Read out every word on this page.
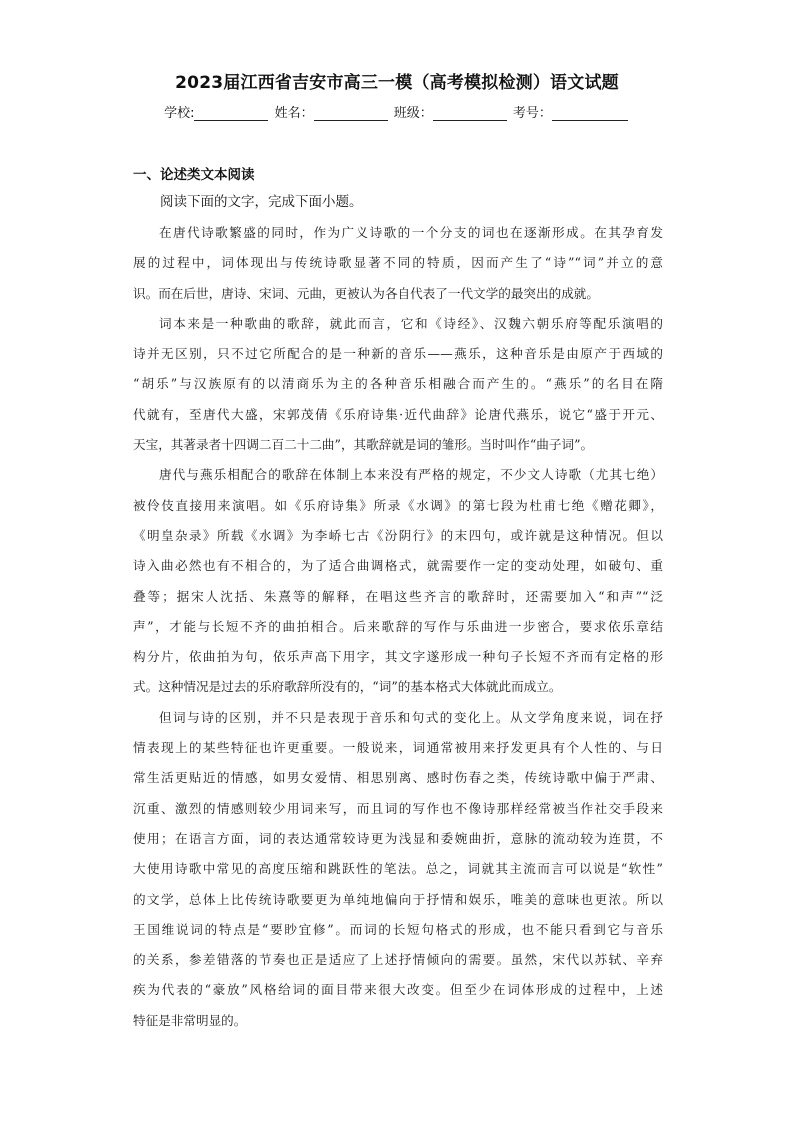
2023届江西省吉安市高三一模（高考模拟检测）语文试题
学校:	姓名：	班级：	考号：
一、论述类文本阅读
阅读下面的文字，完成下面小题。
在唐代诗歌繁盛的同时，作为广义诗歌的一个分支的词也在逐渐形成。在其孕育发
展的过程中，词体现出与传统诗歌显著不同的特质，因而产生了“诗”“词”并立的意
识。而在后世，唐诗、宋词、元曲，更被认为各自代表了一代文学的最突出的成就。
词本来是一种歌曲的歌辞，就此而言，它和《诗经》、汉魏六朝乐府等配乐演唱的
诗并无区别，只不过它所配合的是一种新的音乐——燕乐，这种音乐是由原产于西域的
“胡乐”与汉族原有的以清商乐为主的各种音乐相融合而产生的。“燕乐”的名目在隋
代就有，至唐代大盛，宋郭茂倩《乐府诗集·近代曲辞》论唐代燕乐，说它“盛于开元、
天宝，其著录者十四调二百二十二曲”，其歌辞就是词的雏形。当时叫作“曲子词”。
唐代与燕乐相配合的歌辞在体制上本来没有严格的规定，不少文人诗歌（尤其七绝）
被伶伎直接用来演唱。如《乐府诗集》所录《水调》的第七段为杜甫七绝《赠花卿》，
《明皇杂录》所载《水调》为李峤七古《汾阴行》的末四句，或许就是这种情况。但以
诗入曲必然也有不相合的，为了适合曲调格式，就需要作一定的变动处理，如破句、重
叠等；据宋人沈括、朱熹等的解释，在唱这些齐言的歌辞时，还需要加入“和声”“泛
声”，才能与长短不齐的曲拍相合。后来歌辞的写作与乐曲进一步密合，要求依乐章结
构分片，依曲拍为句，依乐声高下用字，其文字遂形成一种句子长短不齐而有定格的形
式。这种情况是过去的乐府歌辞所没有的，“词”的基本格式大体就此而成立。
但词与诗的区别，并不只是表现于音乐和句式的变化上。从文学角度来说，词在抒
情表现上的某些特征也许更重要。一般说来，词通常被用来抒发更具有个人性的、与日
常生活更贴近的情感，如男女爱情、相思别离、感时伤春之类，传统诗歌中偏于严肃、
沉重、激烈的情感则较少用词来写，而且词的写作也不像诗那样经常被当作社交手段来
使用；在语言方面，词的表达通常较诗更为浅显和委婉曲折，意脉的流动较为连贯，不
大使用诗歌中常见的高度压缩和跳跃性的笔法。总之，词就其主流而言可以说是“软性”
的文学，总体上比传统诗歌要更为单纯地偏向于抒情和娱乐，唯美的意味也更浓。所以
王国维说词的特点是“要眇宜修”。而词的长短句格式的形成，也不能只看到它与音乐
的关系，参差错落的节奏也正是适应了上述抒情倾向的需要。虽然，宋代以苏轼、辛弃
疾为代表的“豪放”风格给词的面目带来很大改变。但至少在词体形成的过程中，上述
特征是非常明显的。
